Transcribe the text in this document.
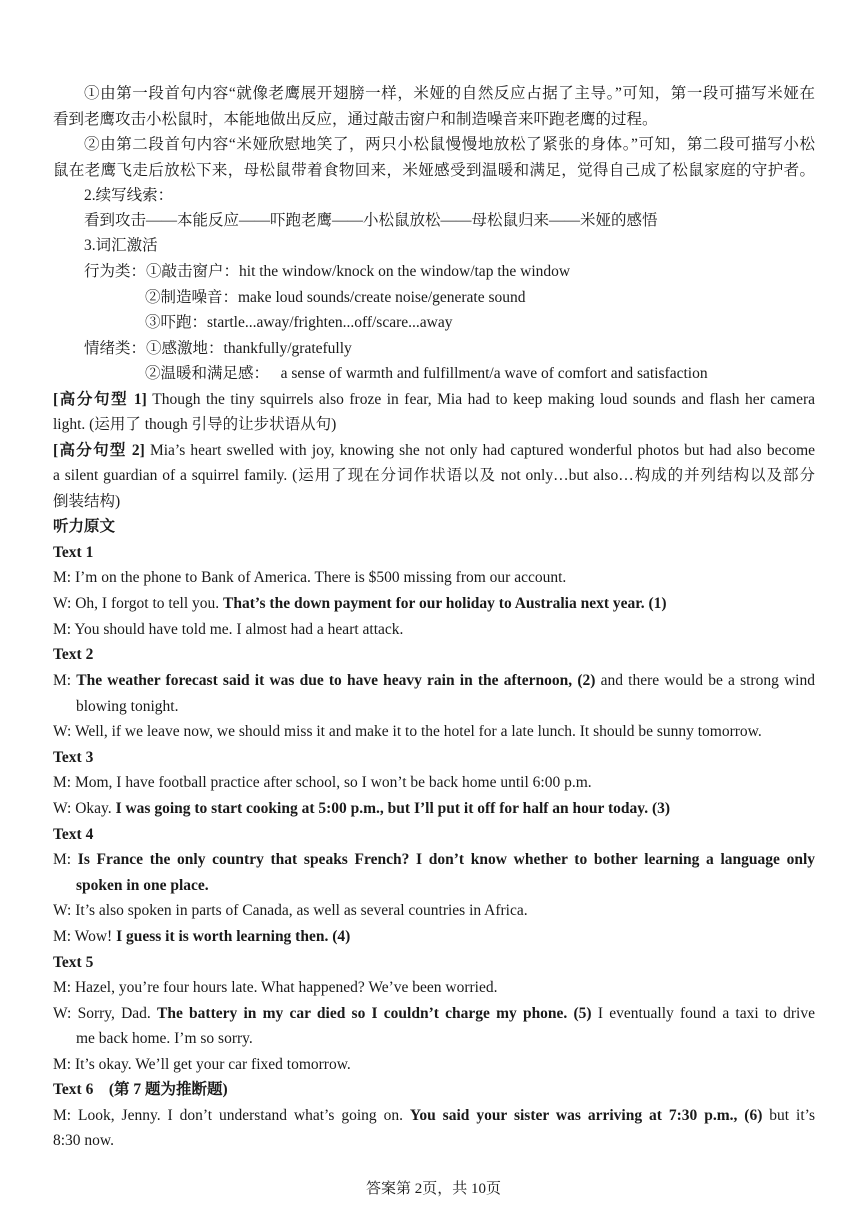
①由第一段首句内容“就像老鹰展开翅膀一样，米娅的自然反应占据了主导。”可知，第一段可描写米娅在
看到老鹰攻击小松鼠时，本能地做出反应，通过敲击窗户和制造噪音来吓跑老鹰的过程。
②由第二段首句内容“米娅欣慰地笑了，两只小松鼠慢慢地放松了紧张的身体。”可知，第二段可描写小松
鼠在老鹰飞走后放松下来，母松鼠带着食物回来，米娅感受到温暖和满足，觉得自己成了松鼠家庭的守护者。
2.续写线索：
看到攻击——本能反应——吓跑老鹰——小松鼠放松——母松鼠归来——米娅的感悟
3.词汇激活
行为类：①敲击窗户：hit the window/knock on the window/tap the window
②制造噪音：make loud sounds/create noise/generate sound
③吓跑：startle...away/frighten...off/scare...away
情绪类：①感激地：thankfully/gratefully
②温暖和满足感：   a sense of warmth and fulfillment/a wave of comfort and satisfaction
[高分句型 1] Though the tiny squirrels also froze in fear, Mia had to keep making loud sounds and flash her camera
light. (运用了 though 引导的让步状语从句)
[高分句型 2] Mia’s heart swelled with joy, knowing she not only had captured wonderful photos but had also become
a silent guardian of a squirrel family. (运用了现在分词作状语以及 not only…but also…构成的并列结构以及部分
倒装结构)
听力原文
Text 1
M: I’m on the phone to Bank of America. There is $500 missing from our account.
W: Oh, I forgot to tell you. That’s the down payment for our holiday to Australia next year. (1)
M: You should have told me. I almost had a heart attack.
Text 2
M: The weather forecast said it was due to have heavy rain in the afternoon, (2) and there would be a strong wind
blowing tonight.
W: Well, if we leave now, we should miss it and make it to the hotel for a late lunch. It should be sunny tomorrow.
Text 3
M: Mom, I have football practice after school, so I won’t be back home until 6:00 p.m.
W: Okay. I was going to start cooking at 5:00 p.m., but I’ll put it off for half an hour today. (3)
Text 4
M: Is France the only country that speaks French? I don’t know whether to bother learning a language only
spoken in one place.
W: It’s also spoken in parts of Canada, as well as several countries in Africa.
M: Wow! I guess it is worth learning then. (4)
Text 5
M: Hazel, you’re four hours late. What happened? We’ve been worried.
W: Sorry, Dad. The battery in my car died so I couldn’t charge my phone. (5) I eventually found a taxi to drive
me back home. I’m so sorry.
M: It’s okay. We’ll get your car fixed tomorrow.
Text 6    (第 7 题为推断题)
M: Look, Jenny. I don’t understand what’s going on. You said your sister was arriving at 7:30 p.m., (6) but it’s
8:30 now.
答案第 2页，共 10页
